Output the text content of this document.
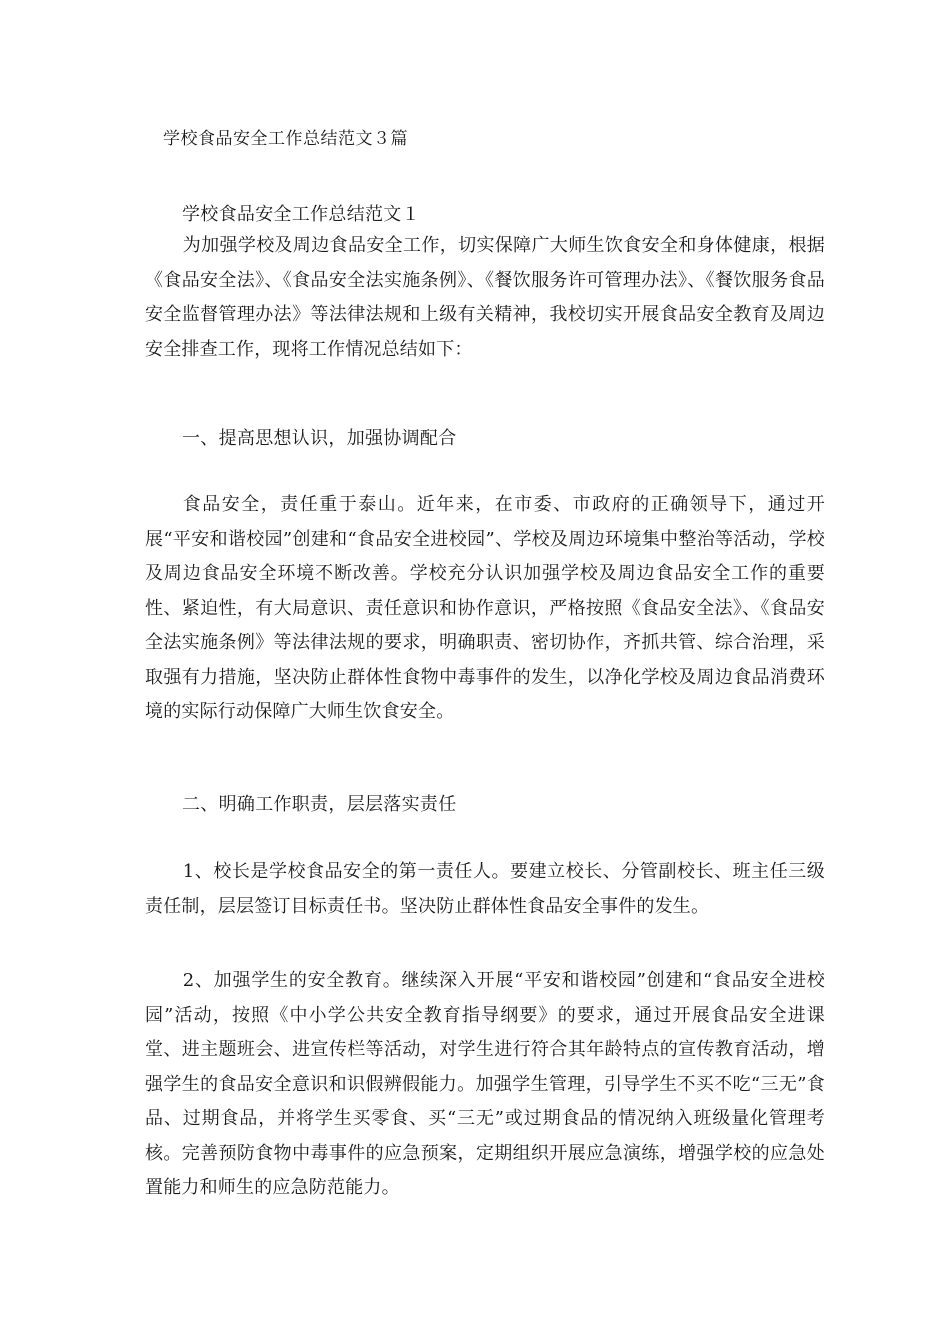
学校食品安全工作总结范文３篇
学校食品安全工作总结范文１
为加强学校及周边食品安全工作，切实保障广大师生饮食安全和身体健康，根据《食品安全法》、《食品安全法实施条例》、《餐饮服务许可管理办法》、《餐饮服务食品安全监督管理办法》等法律法规和上级有关精神，我校切实开展食品安全教育及周边安全排查工作，现将工作情况总结如下：
一、提高思想认识，加强协调配合
食品安全，责任重于泰山。近年来，在市委、市政府的正确领导下，通过开展“平安和谐校园”创建和“食品安全进校园”、学校及周边环境集中整治等活动，学校及周边食品安全环境不断改善。学校充分认识加强学校及周边食品安全工作的重要性、紧迫性，有大局意识、责任意识和协作意识，严格按照《食品安全法》、《食品安全法实施条例》等法律法规的要求，明确职责、密切协作，齐抓共管、综合治理，采取强有力措施，坚决防止群体性食物中毒事件的发生，以净化学校及周边食品消费环境的实际行动保障广大师生饮食安全。
二、明确工作职责，层层落实责任
1、校长是学校食品安全的第一责任人。要建立校长、分管副校长、班主任三级责任制，层层签订目标责任书。坚决防止群体性食品安全事件的发生。
2、加强学生的安全教育。继续深入开展“平安和谐校园”创建和“食品安全进校园”活动，按照《中小学公共安全教育指导纲要》的要求，通过开展食品安全进课堂、进主题班会、进宣传栏等活动，对学生进行符合其年龄特点的宣传教育活动，增强学生的食品安全意识和识假辨假能力。加强学生管理，引导学生不买不吃“三无”食品、过期食品，并将学生买零食、买“三无”或过期食品的情况纳入班级量化管理考核。完善预防食物中毒事件的应急预案，定期组织开展应急演练，增强学校的应急处置能力和师生的应急防范能力。
